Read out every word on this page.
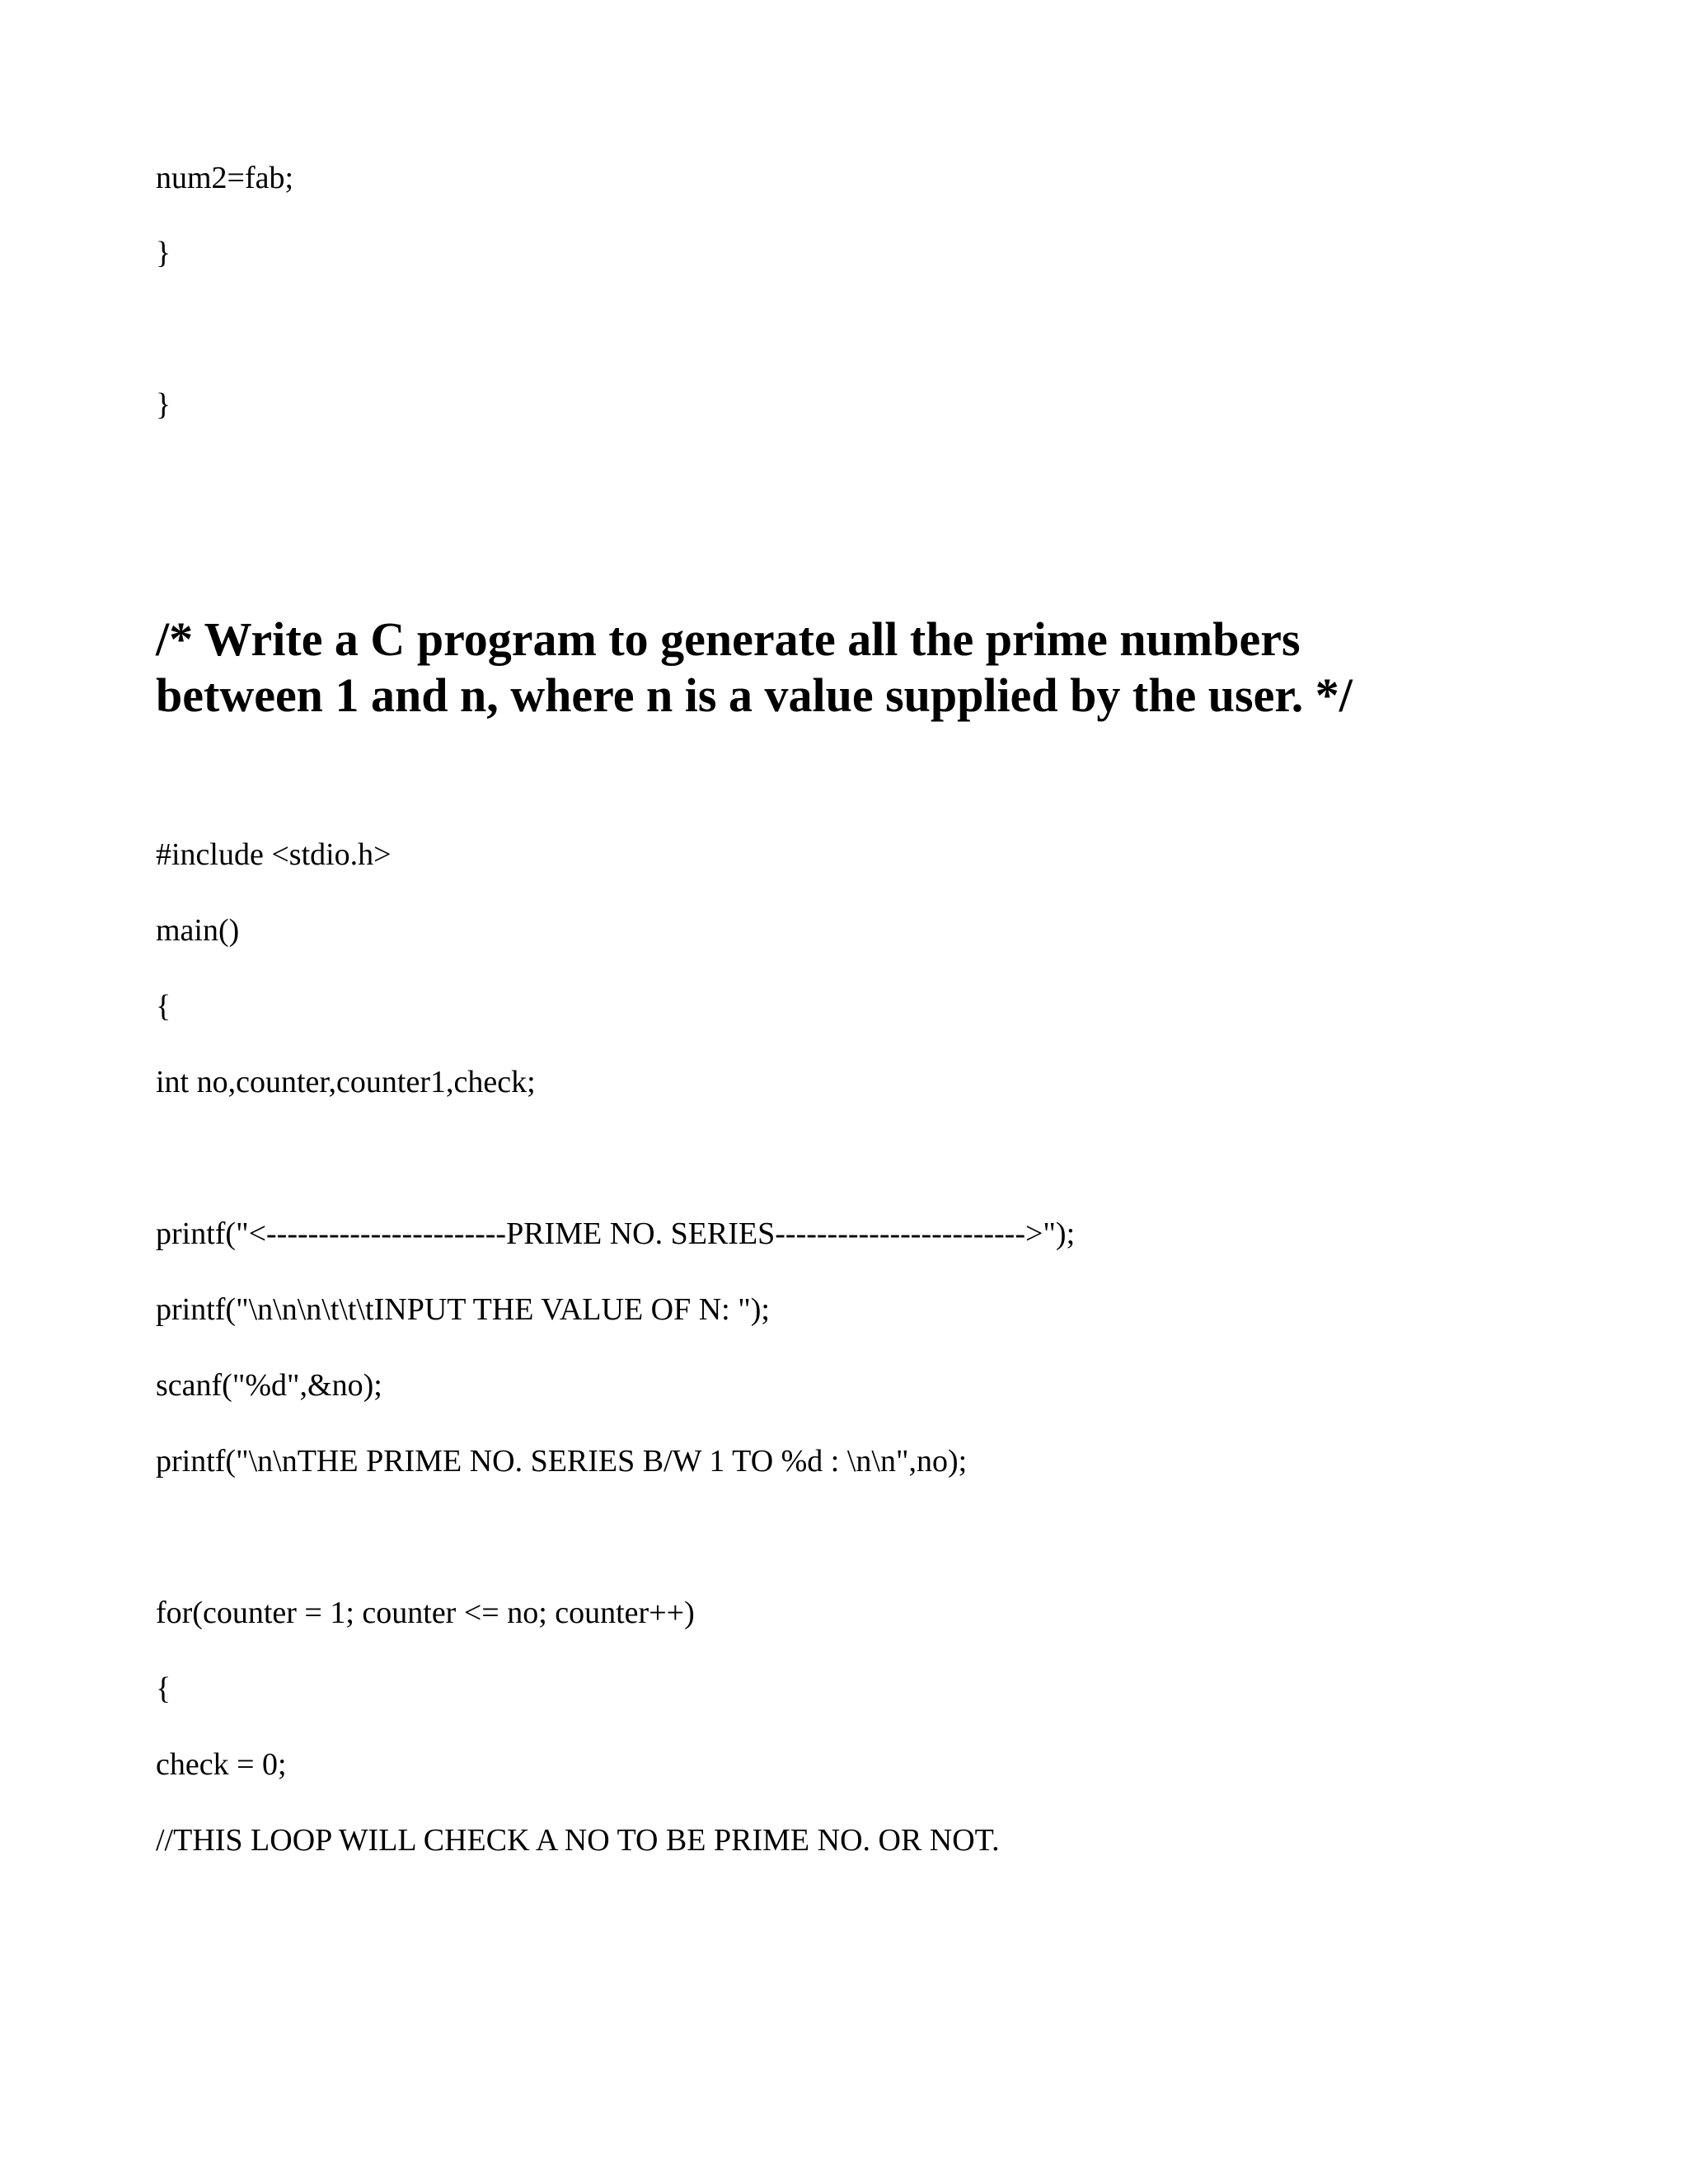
num2=fab;

}

}

/* Write a C program to generate all the prime numbers
between 1 and n, where n is a value supplied by the user. */

#include <stdio.h>

main()

{

int no,counter,counter1,check;

printf("<-----------------------PRIME NO. SERIES------------------------>");

printf("\n\n\n\t\t\tINPUT THE VALUE OF N: ");

scanf("%d",&no);

printf("\n\nTHE PRIME NO. SERIES B/W 1 TO %d : \n\n",no);

for(counter = 1; counter <= no; counter++)

{

check = 0;

//THIS LOOP WILL CHECK A NO TO BE PRIME NO. OR NOT.
